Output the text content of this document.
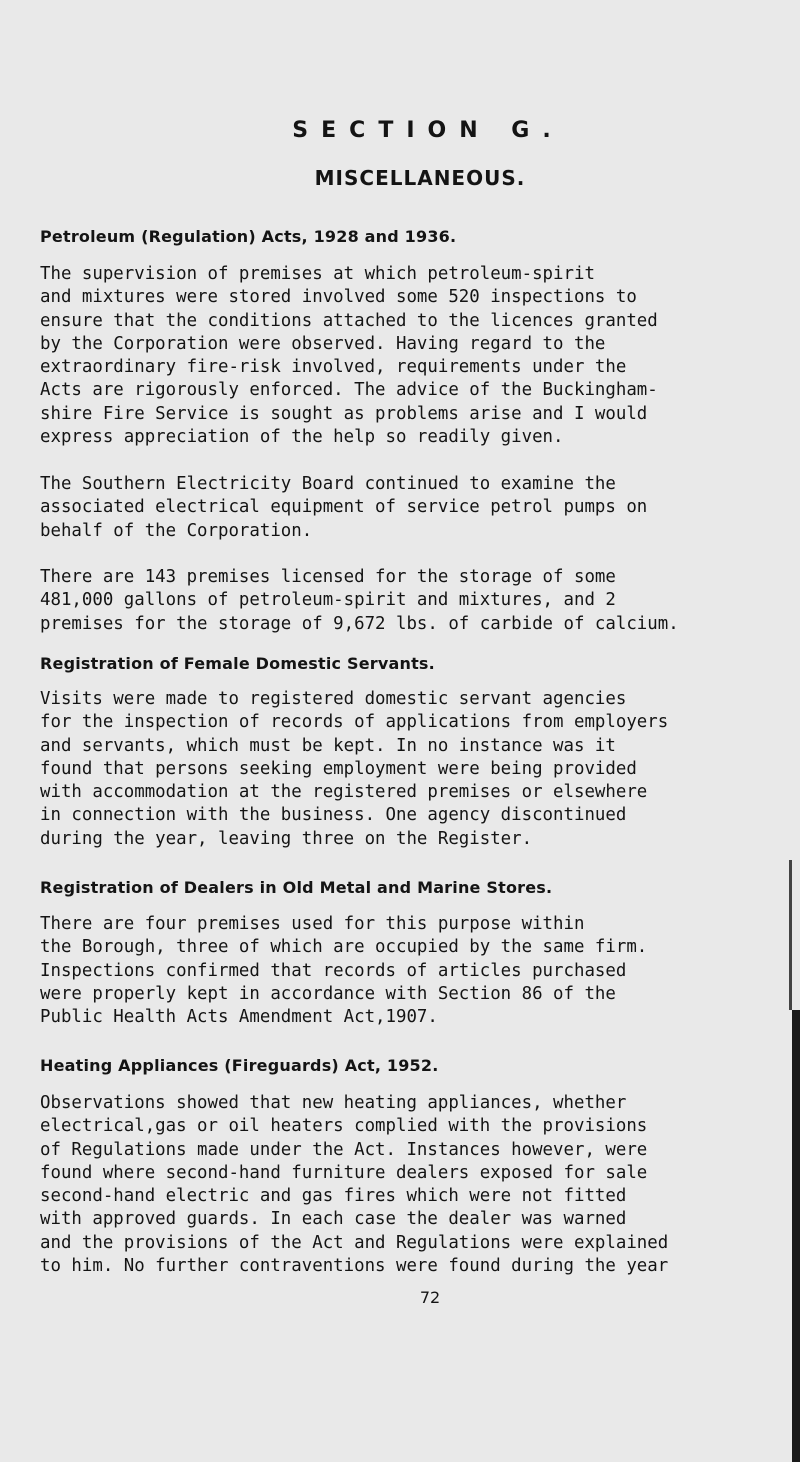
SECTION G.
MISCELLANEOUS.
Petroleum (Regulation) Acts, 1928 and 1936.
The supervision of premises at which petroleum-spirit
and mixtures were stored involved some 520 inspections to
ensure that the conditions attached to the licences granted
by the Corporation were observed. Having regard to the
extraordinary fire-risk involved, requirements under the
Acts are rigorously enforced. The advice of the Buckingham-
shire Fire Service is sought as problems arise and I would
express appreciation of the help so readily given.
The Southern Electricity Board continued to examine the
associated electrical equipment of service petrol pumps on
behalf of the Corporation.
There are 143 premises licensed for the storage of some
481,000 gallons of petroleum-spirit and mixtures, and 2
premises for the storage of 9,672 lbs. of carbide of calcium.
Registration of Female Domestic Servants.
Visits were made to registered domestic servant agencies
for the inspection of records of applications from employers
and servants, which must be kept. In no instance was it
found that persons seeking employment were being provided
with accommodation at the registered premises or elsewhere
in connection with the business. One agency discontinued
during the year, leaving three on the Register.
Registration of Dealers in Old Metal and Marine Stores.
There are four premises used for this purpose within
the Borough, three of which are occupied by the same firm.
Inspections confirmed that records of articles purchased
were properly kept in accordance with Section 86 of the
Public Health Acts Amendment Act,1907.
Heating Appliances (Fireguards) Act, 1952.
Observations showed that new heating appliances, whether
electrical,gas or oil heaters complied with the provisions
of Regulations made under the Act. Instances however, were
found where second-hand furniture dealers exposed for sale
second-hand electric and gas fires which were not fitted
with approved guards. In each case the dealer was warned
and the provisions of the Act and Regulations were explained
to him. No further contraventions were found during the year
72
